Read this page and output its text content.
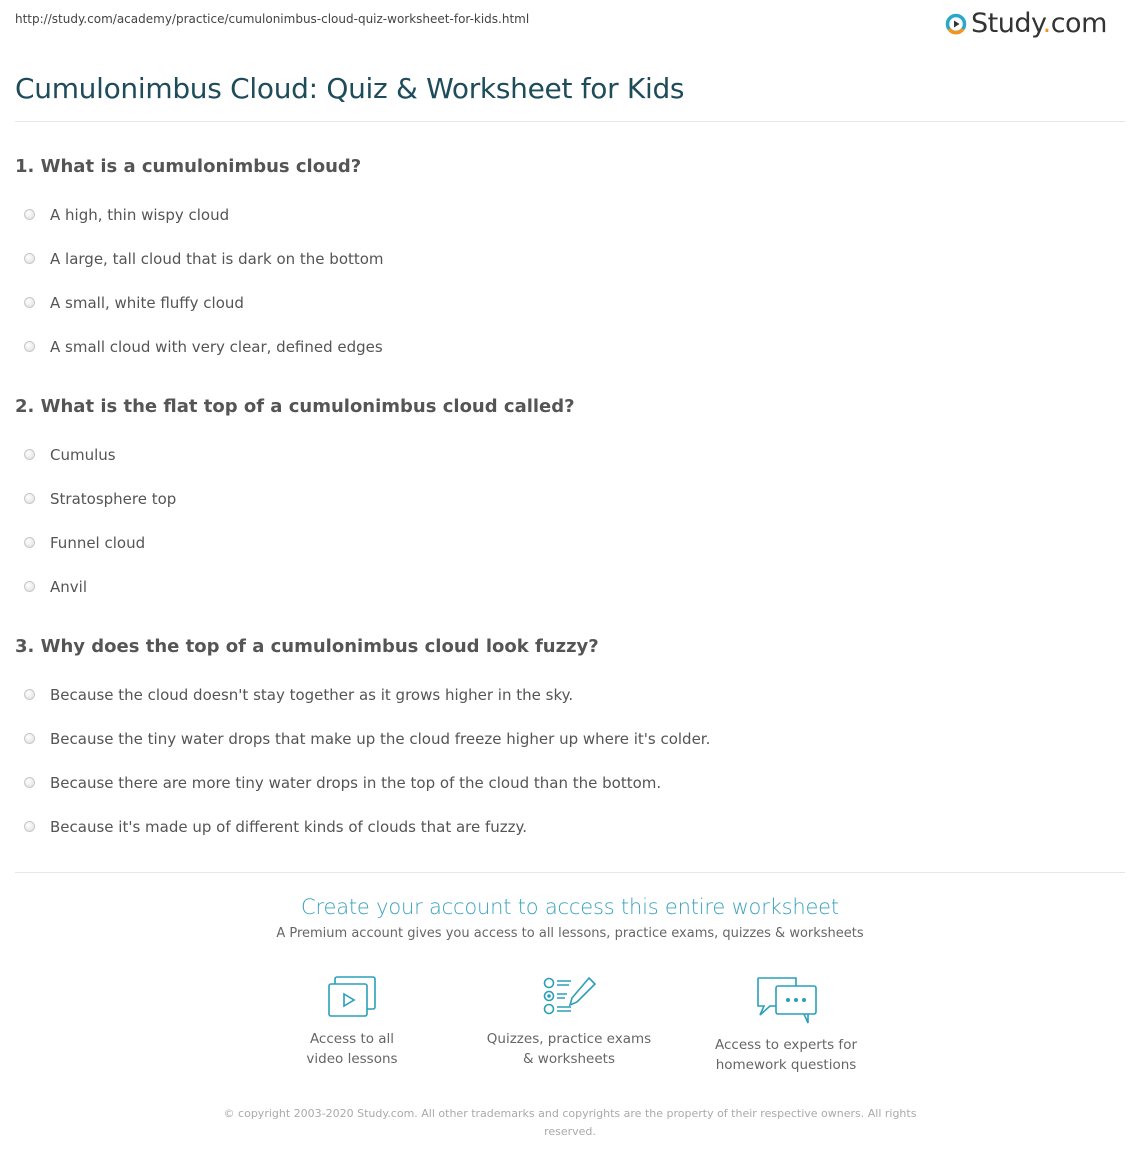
http://study.com/academy/practice/cumulonimbus-cloud-quiz-worksheet-for-kids.html	Study.com
Cumulonimbus Cloud: Quiz & Worksheet for Kids
1. What is a cumulonimbus cloud?
A high, thin wispy cloud
A large, tall cloud that is dark on the bottom
A small, white fluffy cloud
A small cloud with very clear, defined edges
2. What is the flat top of a cumulonimbus cloud called?
Cumulus
Stratosphere top
Funnel cloud
Anvil
3. Why does the top of a cumulonimbus cloud look fuzzy?
Because the cloud doesn't stay together as it grows higher in the sky.
Because the tiny water drops that make up the cloud freeze higher up where it's colder.
Because there are more tiny water drops in the top of the cloud than the bottom.
Because it's made up of different kinds of clouds that are fuzzy.
Create your account to access this entire worksheet
A Premium account gives you access to all lessons, practice exams, quizzes & worksheets
Access to all
video lessons
Quizzes, practice exams
& worksheets
Access to experts for
homework questions
© copyright 2003-2020 Study.com. All other trademarks and copyrights are the property of their respective owners. All rights
reserved.
